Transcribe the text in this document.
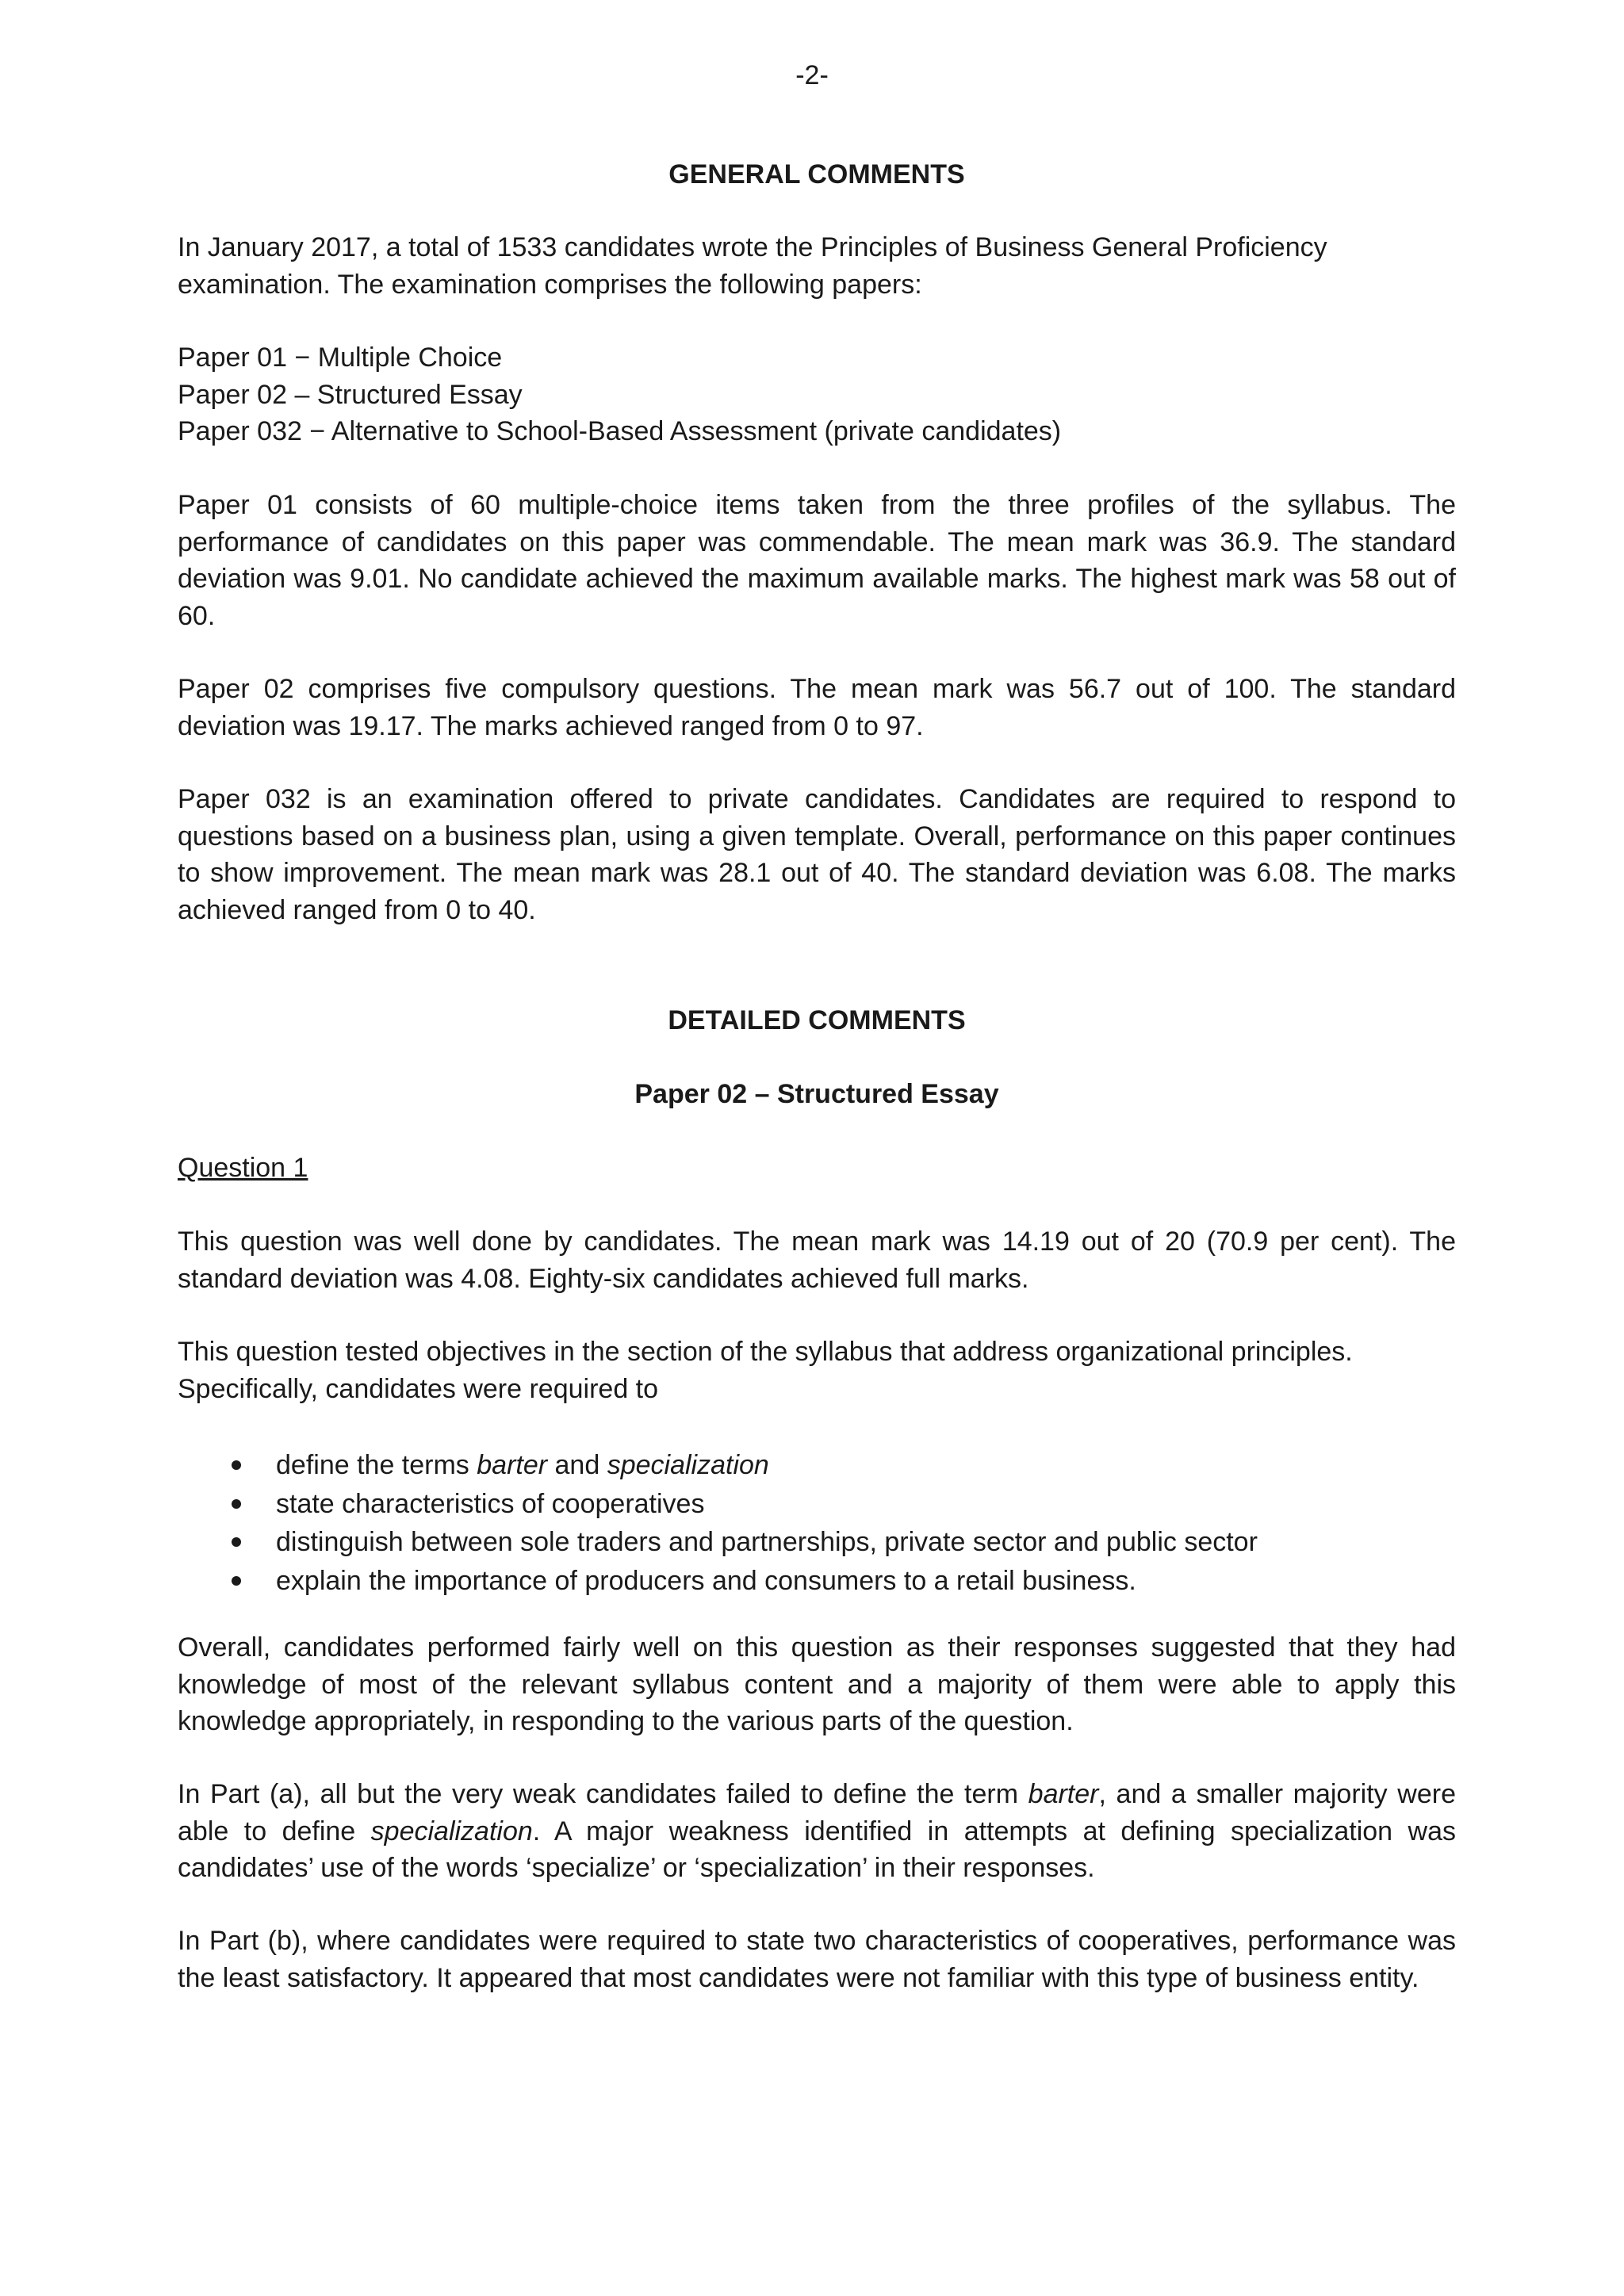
-2-

GENERAL COMMENTS

In January 2017, a total of 1533 candidates wrote the Principles of Business General Proficiency examination. The examination comprises the following papers:

Paper 01 − Multiple Choice

Paper 02 – Structured Essay

Paper 032 − Alternative to School-Based Assessment (private candidates)

Paper 01 consists of 60 multiple-choice items taken from the three profiles of the syllabus. The performance of candidates on this paper was commendable. The mean mark was 36.9. The standard deviation was 9.01. No candidate achieved the maximum available marks. The highest mark was 58 out of 60.

Paper 02 comprises five compulsory questions. The mean mark was 56.7 out of 100. The standard deviation was 19.17. The marks achieved ranged from 0 to 97.

Paper 032 is an examination offered to private candidates. Candidates are required to respond to questions based on a business plan, using a given template. Overall, performance on this paper continues to show improvement. The mean mark was 28.1 out of 40. The standard deviation was 6.08. The marks achieved ranged from 0 to 40.

DETAILED COMMENTS

Paper 02 – Structured Essay

Question 1

This question was well done by candidates. The mean mark was 14.19 out of 20 (70.9 per cent). The standard deviation was 4.08. Eighty-six candidates achieved full marks.

This question tested objectives in the section of the syllabus that address organizational principles. Specifically, candidates were required to

define the terms barter and specialization
state characteristics of cooperatives
distinguish between sole traders and partnerships, private sector and public sector
explain the importance of producers and consumers to a retail business.

Overall, candidates performed fairly well on this question as their responses suggested that they had knowledge of most of the relevant syllabus content and a majority of them were able to apply this knowledge appropriately, in responding to the various parts of the question.

In Part (a), all but the very weak candidates failed to define the term barter, and a smaller majority were able to define specialization. A major weakness identified in attempts at defining specialization was candidates’ use of the words ‘specialize’ or ‘specialization’ in their responses.

In Part (b), where candidates were required to state two characteristics of cooperatives, performance was the least satisfactory. It appeared that most candidates were not familiar with this type of business entity.
